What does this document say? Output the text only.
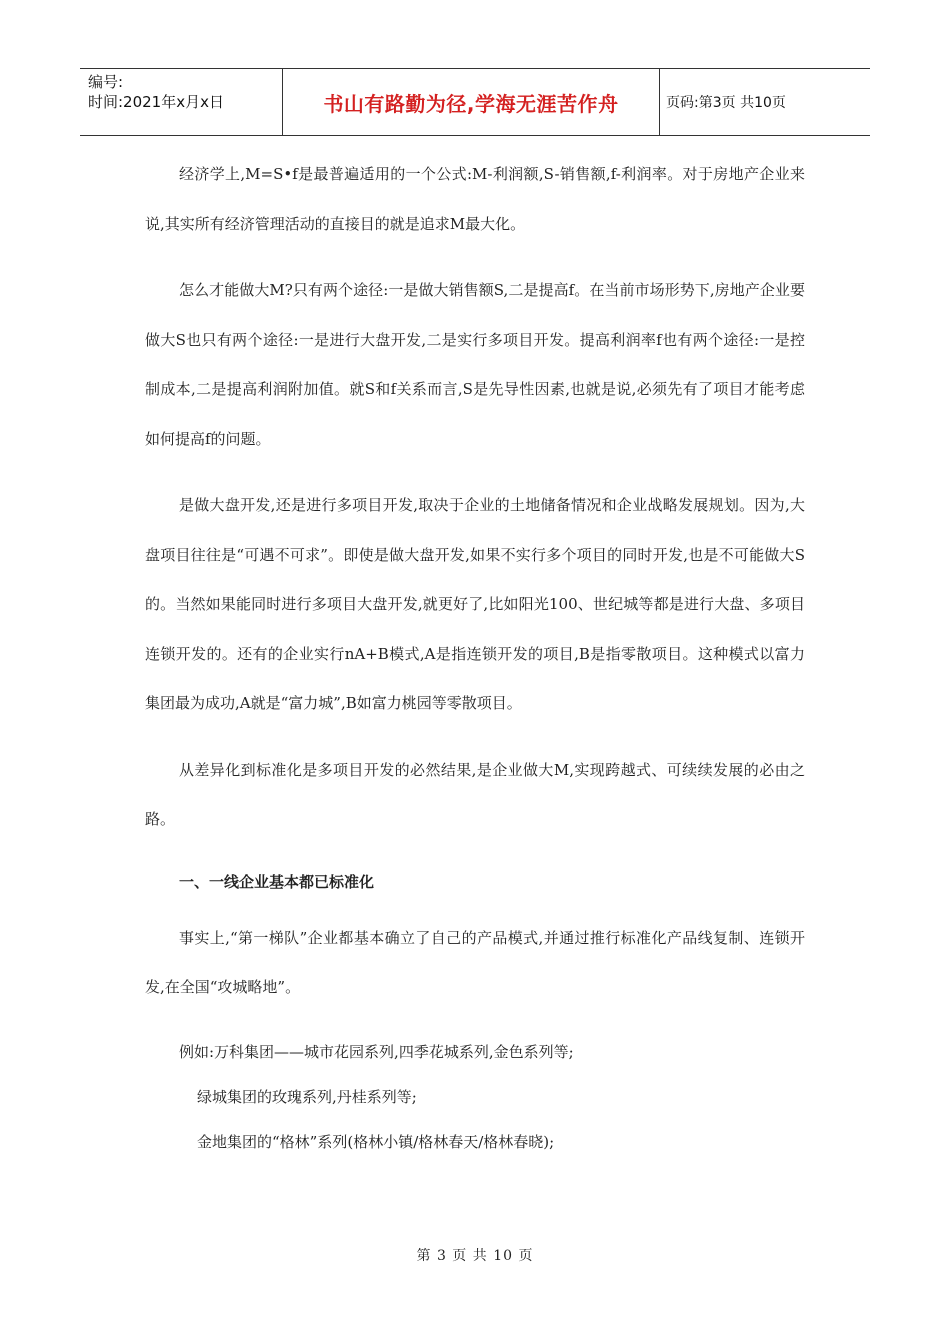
编号:
时间:2021年x月x日	书山有路勤为径,学海无涯苦作舟	页码:第3页 共10页

经济学上,M=S•f是最普遍适用的一个公式:M-利润额,S-销售额,f-利润率。对于房地产企业来说,其实所有经济管理活动的直接目的就是追求M最大化。

怎么才能做大M?只有两个途径:一是做大销售额S,二是提高f。在当前市场形势下,房地产企业要做大S也只有两个途径:一是进行大盘开发,二是实行多项目开发。提高利润率f也有两个途径:一是控制成本,二是提高利润附加值。就S和f关系而言,S是先导性因素,也就是说,必须先有了项目才能考虑如何提高f的问题。

是做大盘开发,还是进行多项目开发,取决于企业的土地储备情况和企业战略发展规划。因为,大盘项目往往是“可遇不可求”。即使是做大盘开发,如果不实行多个项目的同时开发,也是不可能做大S的。当然如果能同时进行多项目大盘开发,就更好了,比如阳光100、世纪城等都是进行大盘、多项目连锁开发的。还有的企业实行nA+B模式,A是指连锁开发的项目,B是指零散项目。这种模式以富力集团最为成功,A就是“富力城”,B如富力桃园等零散项目。

从差异化到标准化是多项目开发的必然结果,是企业做大M,实现跨越式、可续续发展的必由之路。

一、一线企业基本都已标准化

事实上,“第一梯队”企业都基本确立了自己的产品模式,并通过推行标准化产品线复制、连锁开发,在全国“攻城略地”。

例如:万科集团——城市花园系列,四季花城系列,金色系列等;

绿城集团的玫瑰系列,丹桂系列等;

金地集团的“格林”系列(格林小镇/格林春天/格林春晓);

第 3 页 共 10 页
